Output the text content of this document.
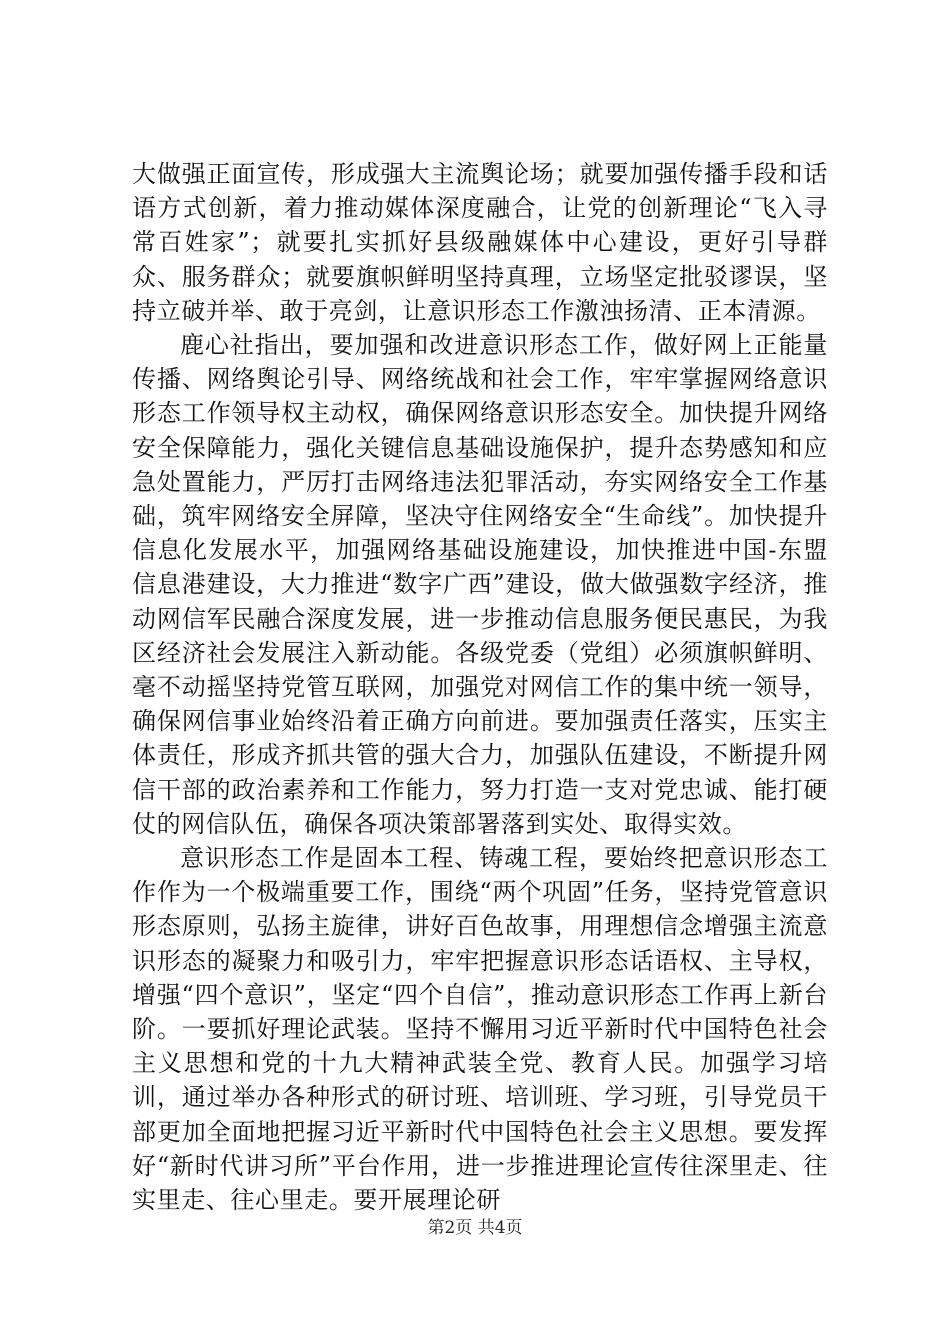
大做强正面宣传，形成强大主流舆论场；就要加强传播手段和话语方式创新，着力推动媒体深度融合，让党的创新理论“飞入寻常百姓家”；就要扎实抓好县级融媒体中心建设，更好引导群众、服务群众；就要旗帜鲜明坚持真理，立场坚定批驳谬误，坚持立破并举、敢于亮剑，让意识形态工作激浊扬清、正本清源。

鹿心社指出，要加强和改进意识形态工作，做好网上正能量传播、网络舆论引导、网络统战和社会工作，牢牢掌握网络意识形态工作领导权主动权，确保网络意识形态安全。加快提升网络安全保障能力，强化关键信息基础设施保护，提升态势感知和应急处置能力，严厉打击网络违法犯罪活动，夯实网络安全工作基础，筑牢网络安全屏障，坚决守住网络安全“生命线”。加快提升信息化发展水平，加强网络基础设施建设，加快推进中国-东盟信息港建设，大力推进“数字广西”建设，做大做强数字经济，推动网信军民融合深度发展，进一步推动信息服务便民惠民，为我区经济社会发展注入新动能。各级党委（党组）必须旗帜鲜明、毫不动摇坚持党管互联网，加强党对网信工作的集中统一领导，确保网信事业始终沿着正确方向前进。要加强责任落实，压实主体责任，形成齐抓共管的强大合力，加强队伍建设，不断提升网信干部的政治素养和工作能力，努力打造一支对党忠诚、能打硬仗的网信队伍，确保各项决策部署落到实处、取得实效。

意识形态工作是固本工程、铸魂工程，要始终把意识形态工作作为一个极端重要工作，围绕“两个巩固”任务，坚持党管意识形态原则，弘扬主旋律，讲好百色故事，用理想信念增强主流意识形态的凝聚力和吸引力，牢牢把握意识形态话语权、主导权，增强“四个意识”，坚定“四个自信”，推动意识形态工作再上新台阶。一要抓好理论武装。坚持不懈用习近平新时代中国特色社会主义思想和党的十九大精神武装全党、教育人民。加强学习培训，通过举办各种形式的研讨班、培训班、学习班，引导党员干部更加全面地把握习近平新时代中国特色社会主义思想。要发挥好“新时代讲习所”平台作用，进一步推进理论宣传往深里走、往实里走、往心里走。要开展理论研

第2页 共4页
